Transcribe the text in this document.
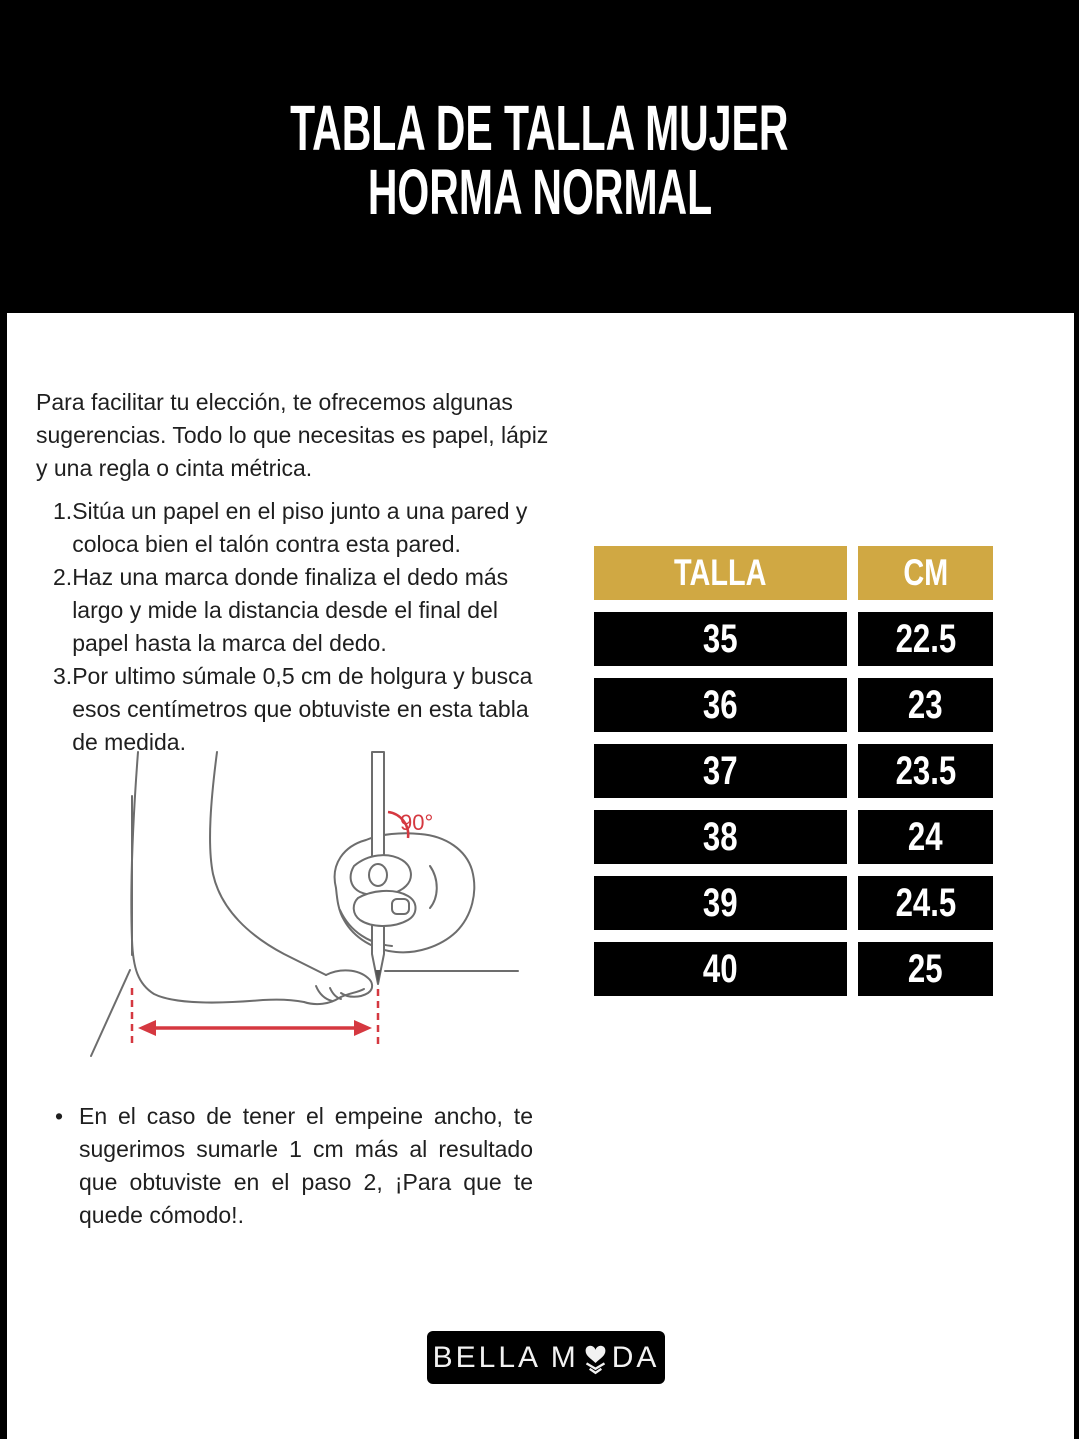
TABLA DE TALLA MUJER
HORMA NORMAL

Para facilitar tu elección, te ofrecemos algunas sugerencias. Todo lo que necesitas es papel, lápiz y una regla o cinta métrica.

1. Sitúa un papel en el piso junto a una pared y coloca bien el talón contra esta pared.
2. Haz una marca donde finaliza el dedo más largo y mide la distancia desde el final del papel hasta la marca del dedo.
3. Por ultimo súmale 0,5 cm de holgura y busca esos centímetros que obtuviste en esta tabla de medida.
TALLA	CM
35	22.5
36	23
37	23.5
38	24
39	24.5
40	25
90°
• En el caso de tener el empeine ancho, te sugerimos sumarle 1 cm más al resultado que obtuviste en el paso 2, ¡Para que te quede cómodo!.
BELLA M DA
